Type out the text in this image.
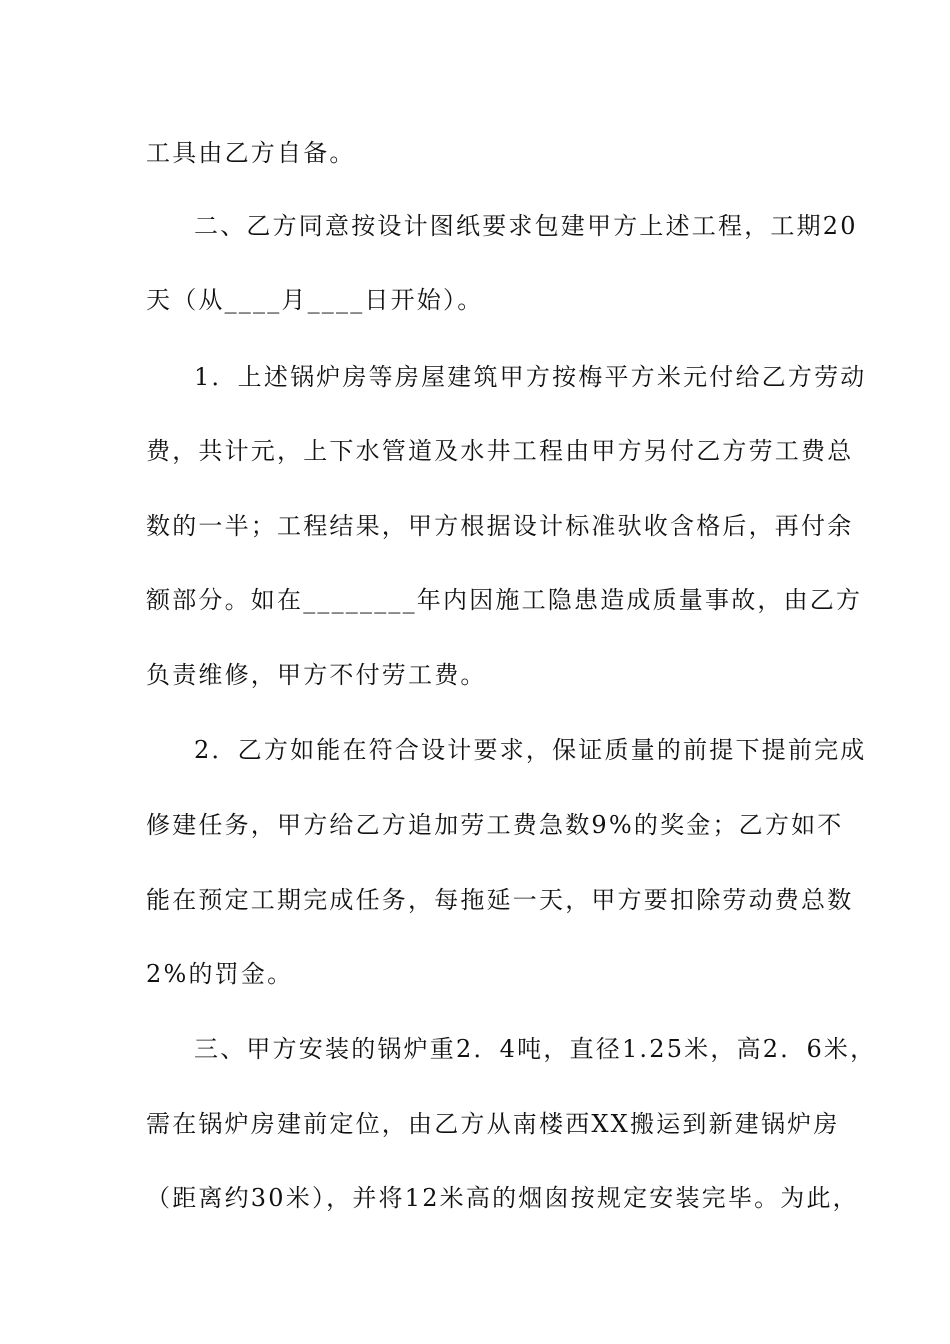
工具由乙方自备。
二、乙方同意按设计图纸要求包建甲方上述工程，工期20
天（从____月____日开始）。
1．上述锅炉房等房屋建筑甲方按梅平方米元付给乙方劳动
费，共计元，上下水管道及水井工程由甲方另付乙方劳工费总
数的一半；工程结果，甲方根据设计标准驮收含格后，再付余
额部分。如在________年内因施工隐患造成质量事故，由乙方
负责维修，甲方不付劳工费。
2．乙方如能在符合设计要求，保证质量的前提下提前完成
修建任务，甲方给乙方追加劳工费急数9%的奖金；乙方如不
能在预定工期完成任务，每拖延一天，甲方要扣除劳动费总数
2%的罚金。
三、甲方安装的锅炉重2．4吨，直径1.25米，高2．6米，
需在锅炉房建前定位，由乙方从南楼西XX搬运到新建锅炉房
（距离约30米），并将12米高的烟囱按规定安装完毕。为此，
